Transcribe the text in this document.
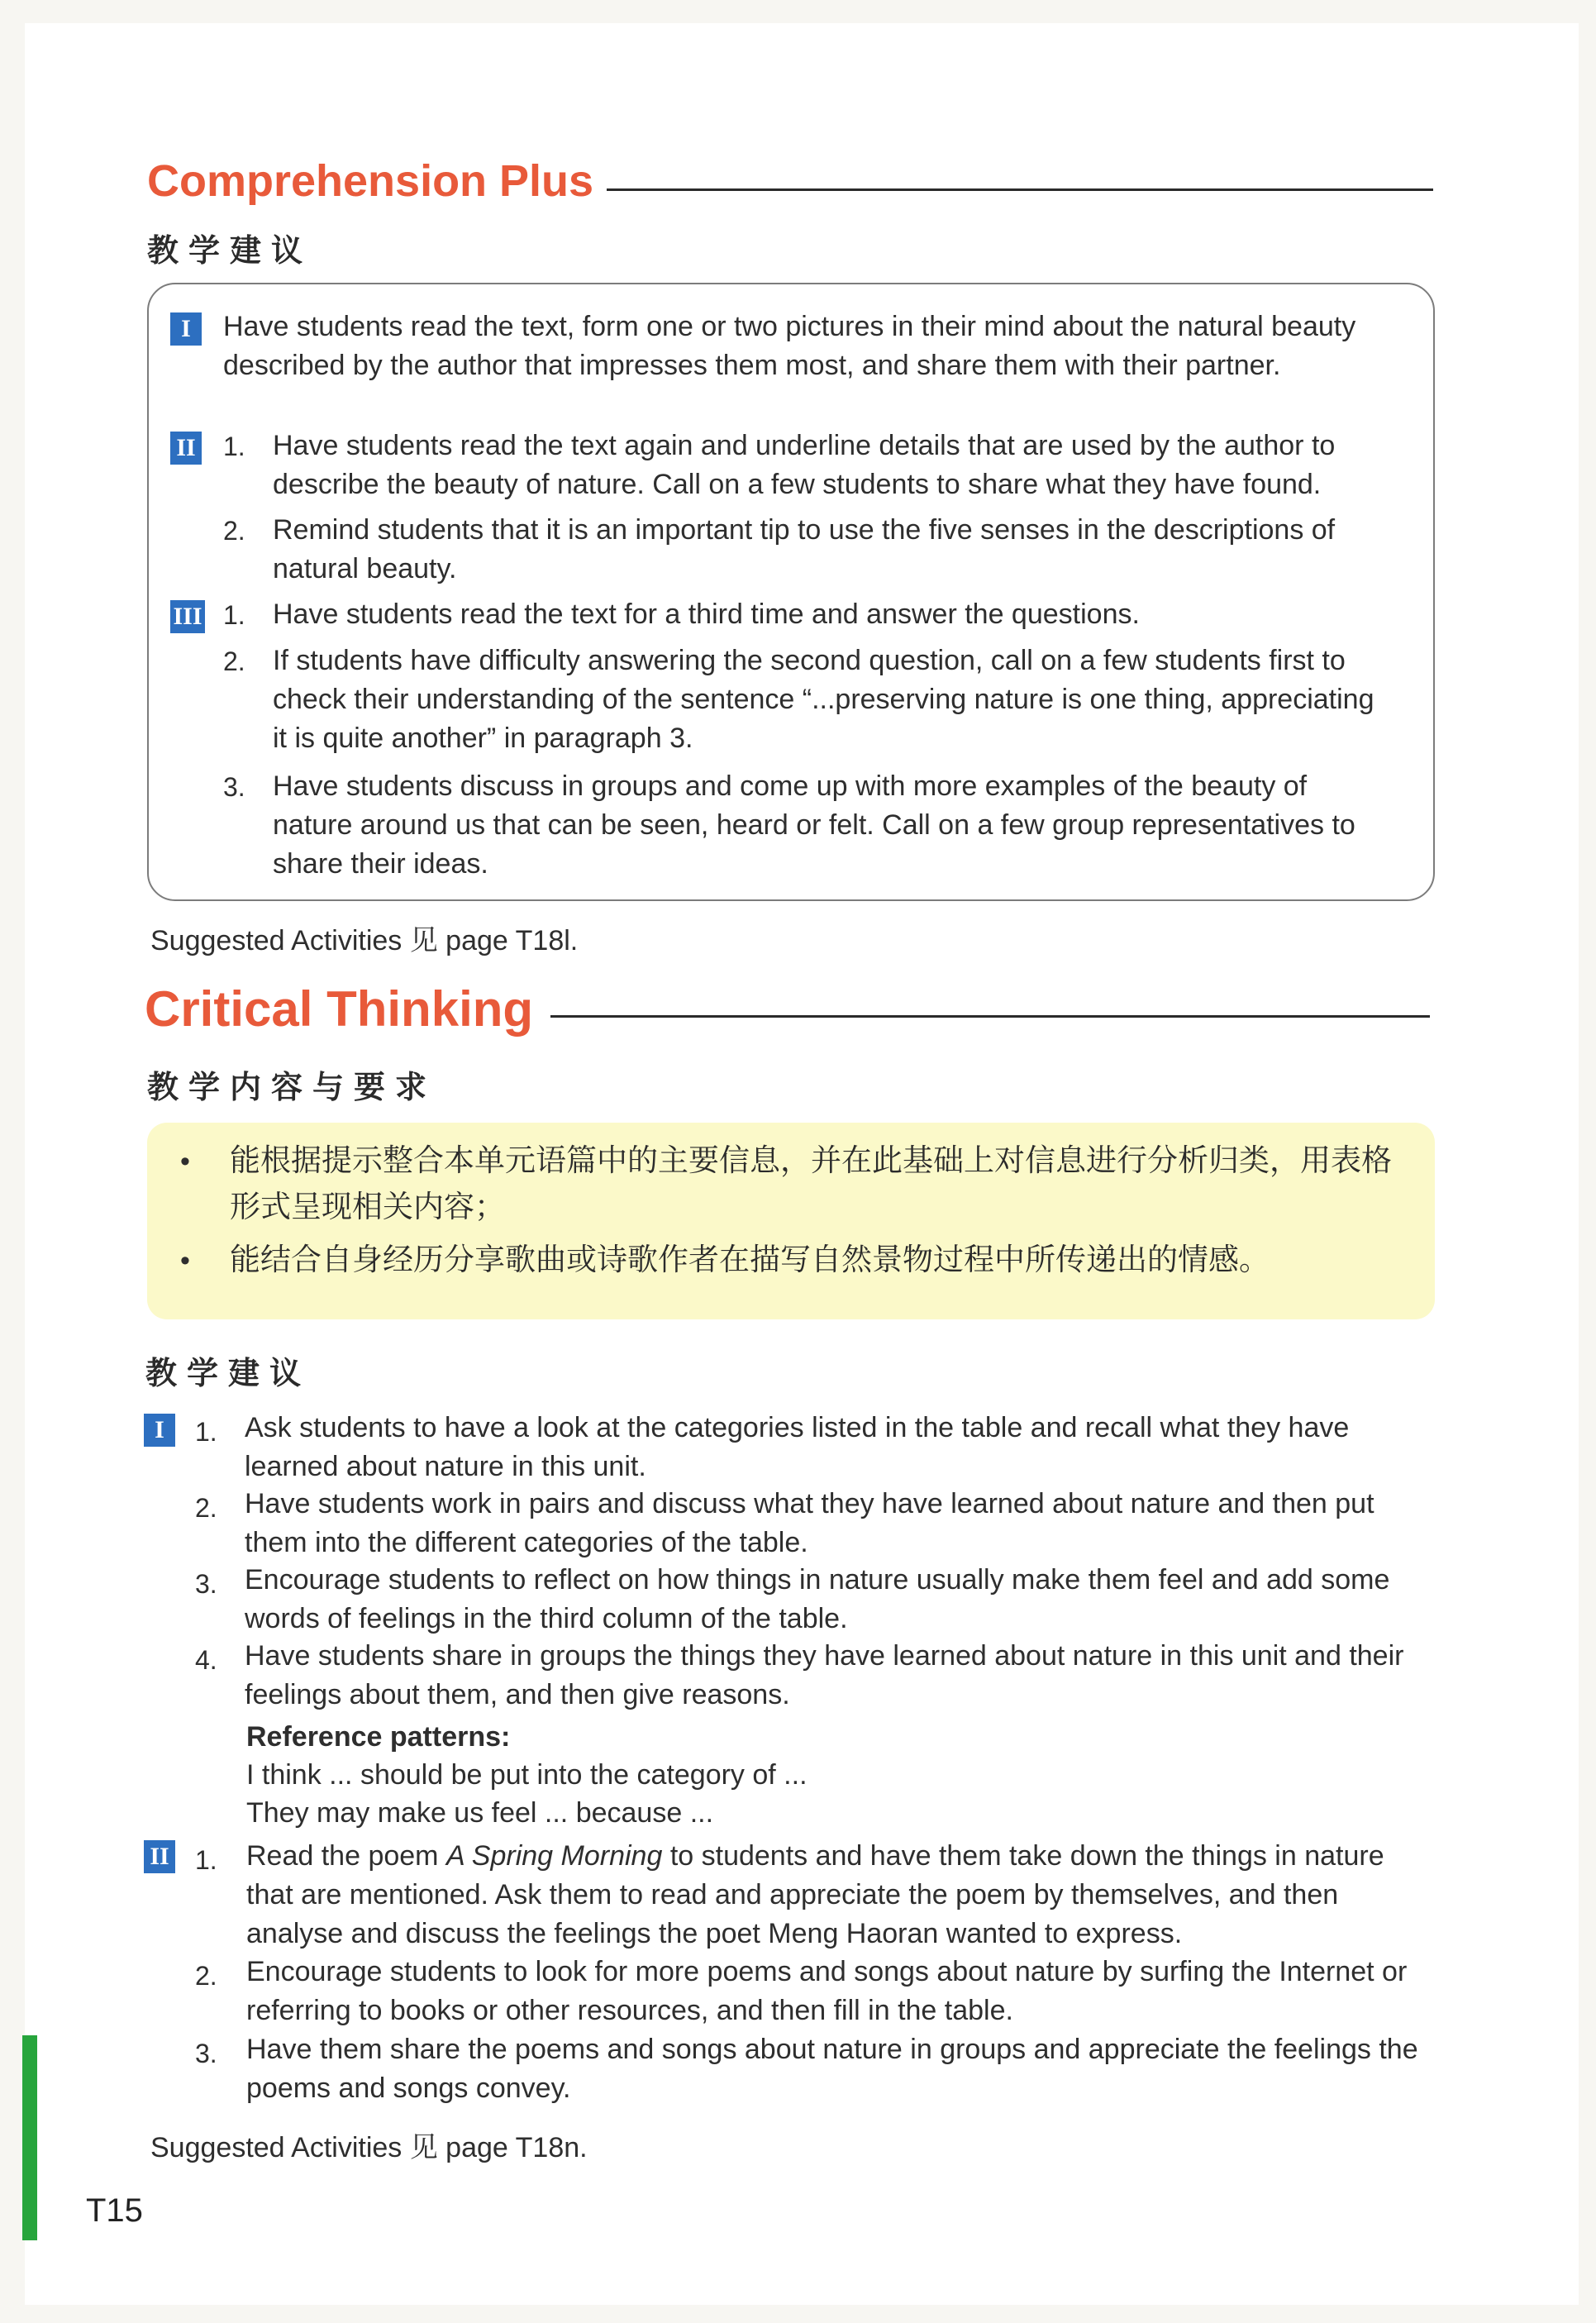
Comprehension Plus
教学建议
I	Have students read the text, form one or two pictures in their mind about the natural beauty described by the author that impresses them most, and share them with their partner.
II 1. Have students read the text again and underline details that are used by the author to describe the beauty of nature. Call on a few students to share what they have found.
2. Remind students that it is an important tip to use the five senses in the descriptions of natural beauty.
III 1. Have students read the text for a third time and answer the questions.
2. If students have difficulty answering the second question, call on a few students first to check their understanding of the sentence “...preserving nature is one thing, appreciating it is quite another” in paragraph 3.
3. Have students discuss in groups and come up with more examples of the beauty of nature around us that can be seen, heard or felt. Call on a few group representatives to share their ideas.
Suggested Activities 见 page T18l.
Critical Thinking
教学内容与要求
• 能根据提示整合本单元语篇中的主要信息，并在此基础上对信息进行分析归类，用表格形式呈现相关内容；
• 能结合自身经历分享歌曲或诗歌作者在描写自然景物过程中所传递出的情感。
教学建议
I	1. Ask students to have a look at the categories listed in the table and recall what they have learned about nature in this unit.
2. Have students work in pairs and discuss what they have learned about nature and then put them into the different categories of the table.
3. Encourage students to reflect on how things in nature usually make them feel and add some words of feelings in the third column of the table.
4. Have students share in groups the things they have learned about nature in this unit and their feelings about them, and then give reasons.
Reference patterns:
I think ... should be put into the category of ...
They may make us feel ... because ...
II 1. Read the poem A Spring Morning to students and have them take down the things in nature that are mentioned. Ask them to read and appreciate the poem by themselves, and then analyse and discuss the feelings the poet Meng Haoran wanted to express.
2. Encourage students to look for more poems and songs about nature by surfing the Internet or referring to books or other resources, and then fill in the table.
3. Have them share the poems and songs about nature in groups and appreciate the feelings the poems and songs convey.
Suggested Activities 见 page T18n.
T15
